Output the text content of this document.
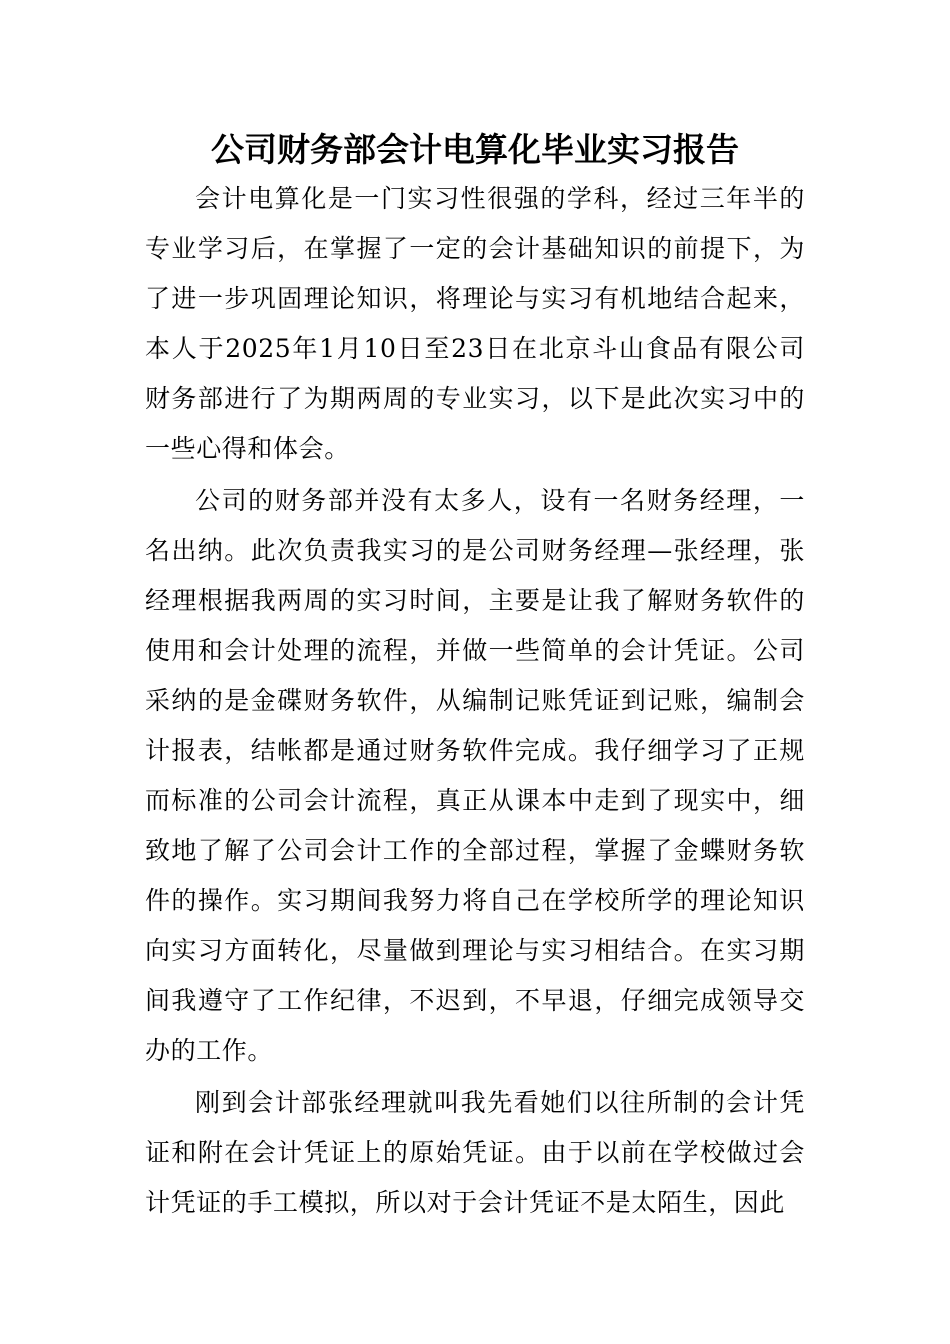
公司财务部会计电算化毕业实习报告

会计电算化是一门实习性很强的学科，经过三年半的专业学习后，在掌握了一定的会计基础知识的前提下，为了进一步巩固理论知识，将理论与实习有机地结合起来，本人于2025年1月10日至23日在北京斗山食品有限公司财务部进行了为期两周的专业实习，以下是此次实习中的一些心得和体会。

公司的财务部并没有太多人，设有一名财务经理，一名出纳。此次负责我实习的是公司财务经理—张经理，张经理根据我两周的实习时间，主要是让我了解财务软件的使用和会计处理的流程，并做一些简单的会计凭证。公司采纳的是金碟财务软件，从编制记账凭证到记账，编制会计报表，结帐都是通过财务软件完成。我仔细学习了正规而标准的公司会计流程，真正从课本中走到了现实中，细致地了解了公司会计工作的全部过程，掌握了金蝶财务软件的操作。实习期间我努力将自己在学校所学的理论知识向实习方面转化，尽量做到理论与实习相结合。在实习期间我遵守了工作纪律，不迟到，不早退，仔细完成领导交办的工作。

刚到会计部张经理就叫我先看她们以往所制的会计凭证和附在会计凭证上的原始凭证。由于以前在学校做过会计凭证的手工模拟，所以对于会计凭证不是太陌生，因此
